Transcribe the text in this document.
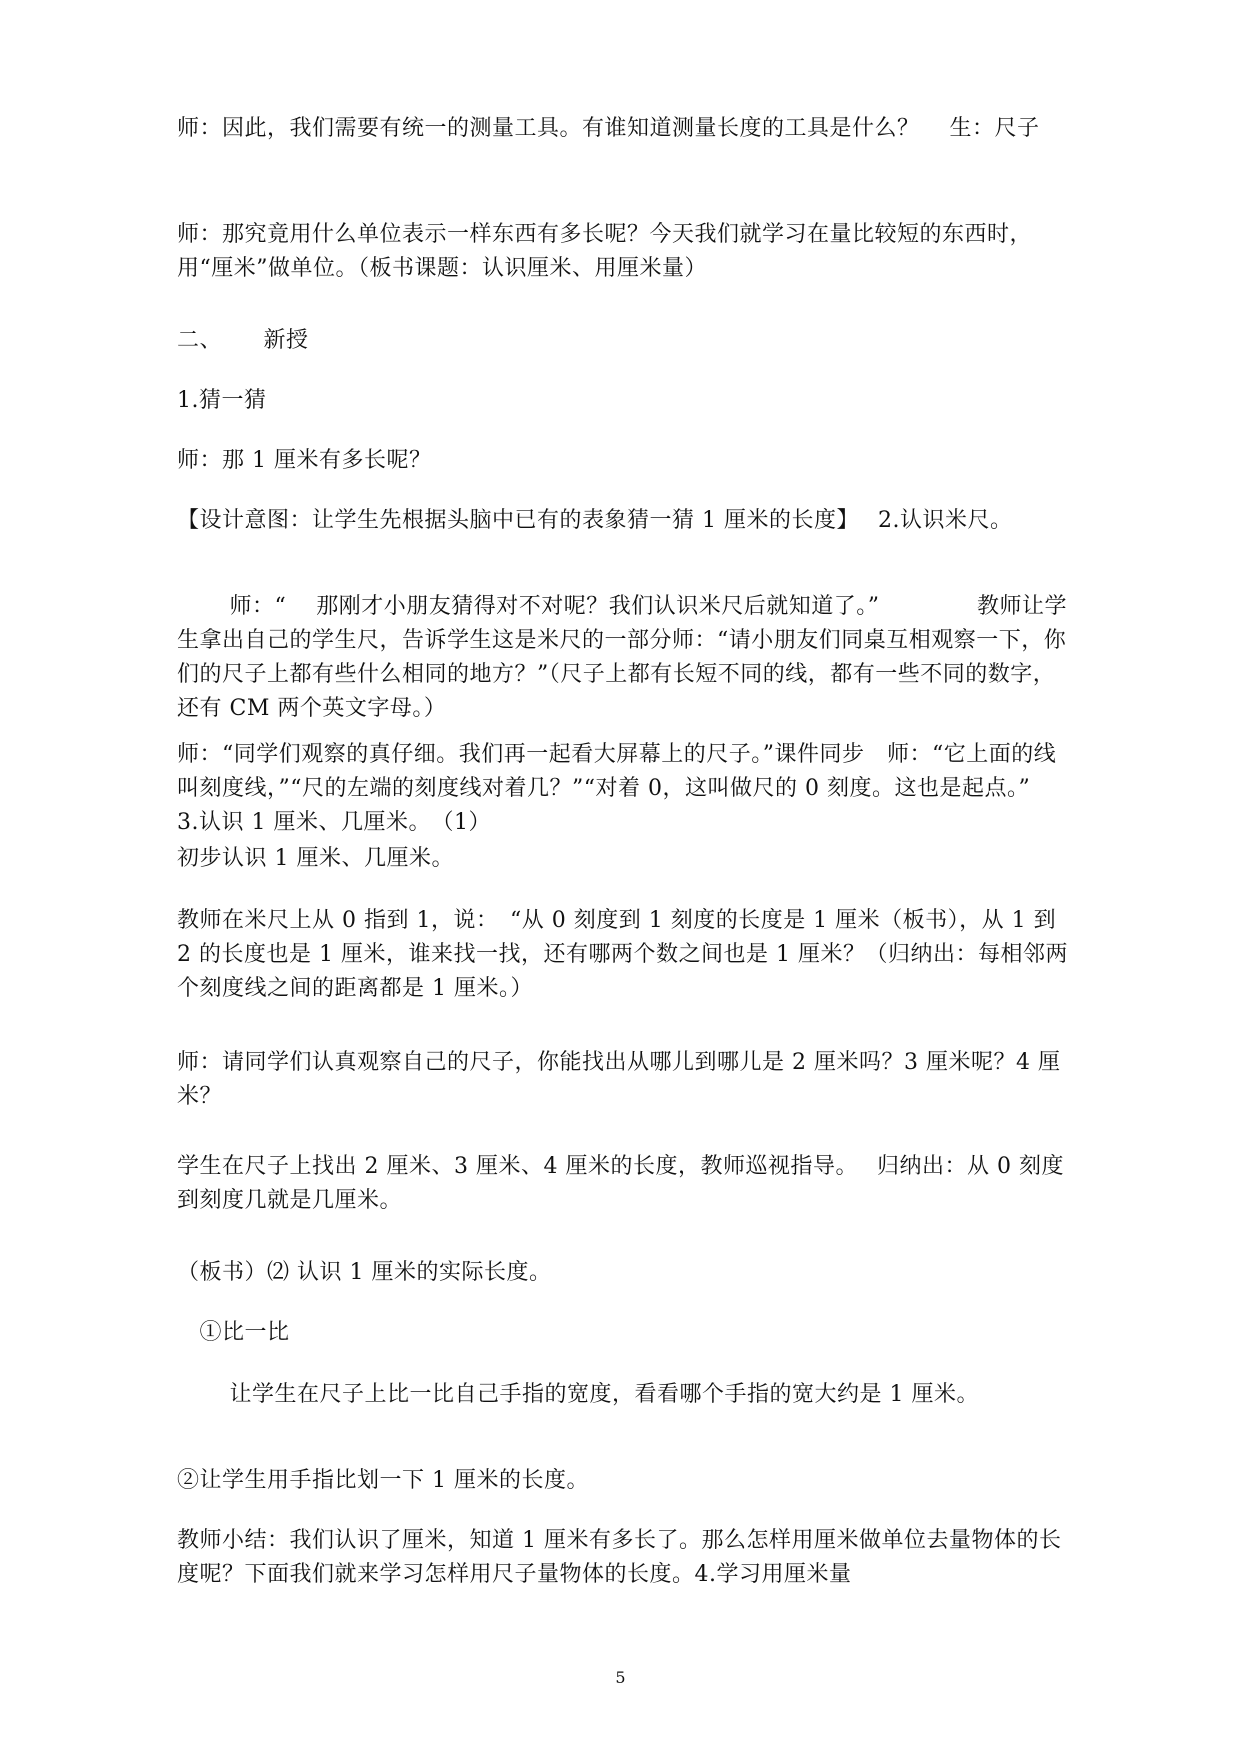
师：因此，我们需要有统一的测量工具。有谁知道测量长度的工具是什么？　 生：尺子

师：那究竟用什么单位表示一样东西有多长呢？今天我们就学习在量比较短的东西时，用“厘米”做单位。（板书课题：认识厘米、用厘米量）

二、　　 新授

1.猜一猜

师：那 1 厘米有多长呢？

【设计意图：让学生先根据头脑中已有的表象猜一猜 1 厘米的长度】　 2.认识米尺。

　　 师：“　 那刚才小朋友猜得对不对呢？我们认识米尺后就知道了。”　　　　 教师让学生拿出自己的学生尺，告诉学生这是米尺的一部分师：“请小朋友们同桌互相观察一下，你们的尺子上都有些什么相同的地方？”（尺子上都有长短不同的线，都有一些不同的数字，还有 CM 两个英文字母。）

师：“同学们观察的真仔细。我们再一起看大屏幕上的尺子。”课件同步　师：“它上面的线叫刻度线，”“尺的左端的刻度线对着几？”“对着 0，这叫做尺的 0 刻度。这也是起点。”　 3.认识 1 厘米、几厘米。　（1）

初步认识 1 厘米、几厘米。

教师在米尺上从 0 指到 1，说：　“从 0 刻度到 1 刻度的长度是 1 厘米（板书），从 1 到 2 的长度也是 1 厘米，谁来找一找，还有哪两个数之间也是 1 厘米？（归纳出：每相邻两个刻度线之间的距离都是 1 厘米。）

师：请同学们认真观察自己的尺子，你能找出从哪儿到哪儿是 2 厘米吗？3 厘米呢？4 厘米？

学生在尺子上找出 2 厘米、3 厘米、4 厘米的长度，教师巡视指导。　 归纳出：从 0 刻度到刻度几就是几厘米。

（板书）⑵ 认识 1 厘米的实际长度。

　①比一比

　　 让学生在尺子上比一比自己手指的宽度，看看哪个手指的宽大约是 1 厘米。

②让学生用手指比划一下 1 厘米的长度。

教师小结：我们认识了厘米，知道 1 厘米有多长了。那么怎样用厘米做单位去量物体的长度呢？下面我们就来学习怎样用尺子量物体的长度。4.学习用厘米量

5
